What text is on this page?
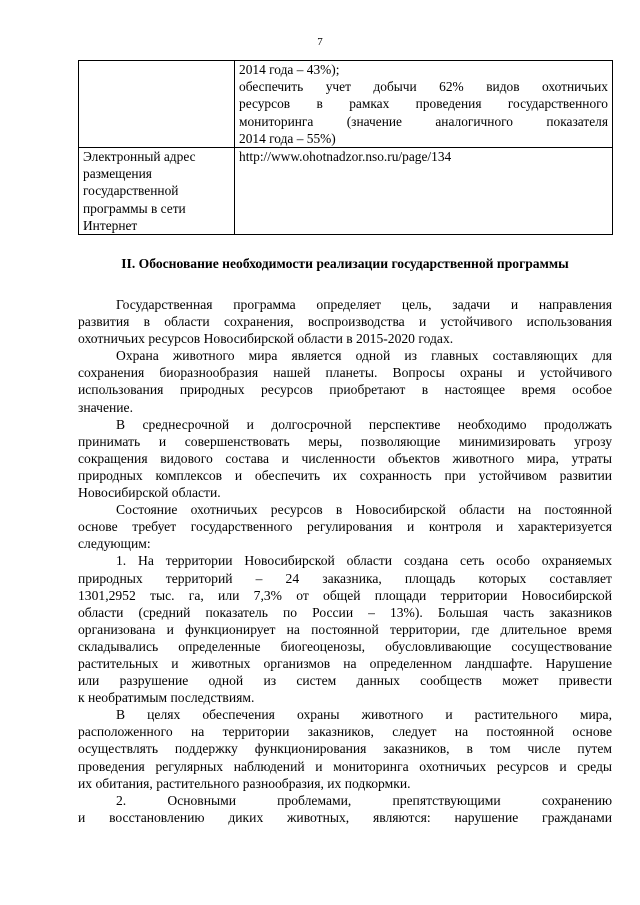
7

	2014 года – 43%);
обеспечить учет добычи 62% видов охотничьих
ресурсов в рамках проведения государственного
мониторинга (значение аналогичного показателя
2014 года – 55%)

Электронный адрес
размещения
государственной
программы в сети
Интернет	http://www.ohotnadzor.nso.ru/page/134
II. Обоснование необходимости реализации государственной программы
Государственная программа определяет цель, задачи и направления
развития в области сохранения, воспроизводства и устойчивого использования
охотничьих ресурсов Новосибирской области в 2015-2020 годах.
Охрана животного мира является одной из главных составляющих для
сохранения биоразнообразия нашей планеты. Вопросы охраны и устойчивого
использования природных ресурсов приобретают в настоящее время особое
значение.
В среднесрочной и долгосрочной перспективе необходимо продолжать
принимать и совершенствовать меры, позволяющие минимизировать угрозу
сокращения видового состава и численности объектов животного мира, утраты
природных комплексов и обеспечить их сохранность при устойчивом развитии
Новосибирской области.
Состояние охотничьих ресурсов в Новосибирской области на постоянной
основе требует государственного регулирования и контроля и характеризуется
следующим:
1. На территории Новосибирской области создана сеть особо охраняемых
природных территорий – 24 заказника, площадь которых составляет
1301,2952 тыс. га, или 7,3% от общей площади территории Новосибирской
области (средний показатель по России – 13%). Большая часть заказников
организована и функционирует на постоянной территории, где длительное время
складывались определенные биогеоценозы, обусловливающие сосуществование
растительных и животных организмов на определенном ландшафте. Нарушение
или разрушение одной из систем данных сообществ может привести
к необратимым последствиям.
В целях обеспечения охраны животного и растительного мира,
расположенного на территории заказников, следует на постоянной основе
осуществлять поддержку функционирования заказников, в том числе путем
проведения регулярных наблюдений и мониторинга охотничьих ресурсов и среды
их обитания, растительного разнообразия, их подкормки.
2. Основными проблемами, препятствующими сохранению
и восстановлению диких животных, являются: нарушение гражданами
